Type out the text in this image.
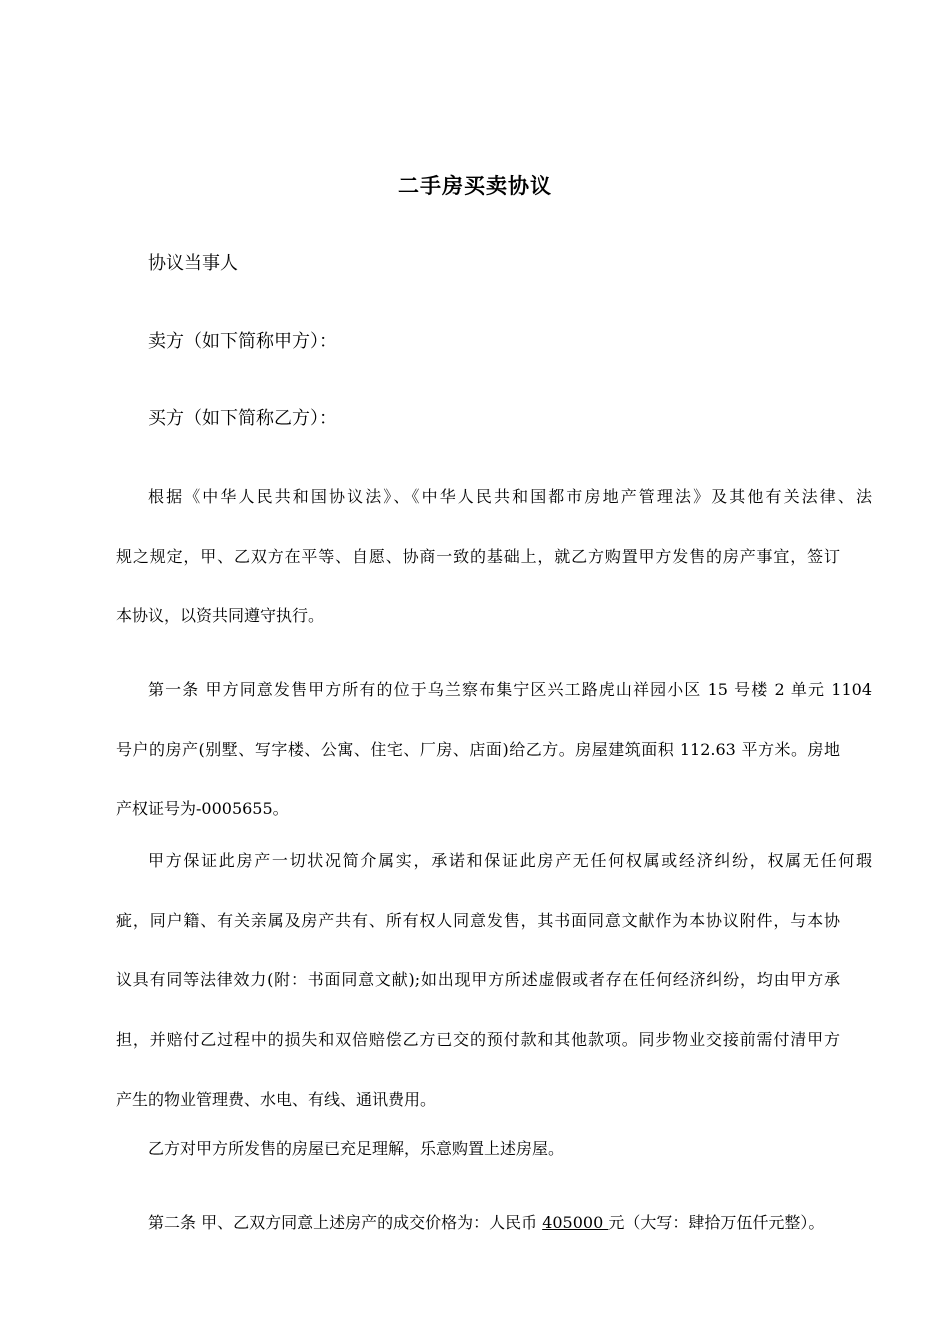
二手房买卖协议
协议当事人
卖方（如下简称甲方）：
买方（如下简称乙方）：
根据《中华人民共和国协议法》、《中华人民共和国都市房地产管理法》及其他有关法律、法
规之规定，甲、乙双方在平等、自愿、协商一致的基础上，就乙方购置甲方发售的房产事宜，签订
本协议，以资共同遵守执行。
第一条 甲方同意发售甲方所有的位于乌兰察布集宁区兴工路虎山祥园小区 15 号楼 2 单元 1104
号户的房产(别墅、写字楼、公寓、住宅、厂房、店面)给乙方。房屋建筑面积 112.63 平方米。房地
产权证号为-0005655。
甲方保证此房产一切状况简介属实，承诺和保证此房产无任何权属或经济纠纷，权属无任何瑕
疵，同户籍、有关亲属及房产共有、所有权人同意发售，其书面同意文献作为本协议附件，与本协
议具有同等法律效力(附：书面同意文献);如出现甲方所述虚假或者存在任何经济纠纷，均由甲方承
担，并赔付乙过程中的损失和双倍赔偿乙方已交的预付款和其他款项。同步物业交接前需付清甲方
产生的物业管理费、水电、有线、通讯费用。
乙方对甲方所发售的房屋已充足理解，乐意购置上述房屋。
第二条 甲、乙双方同意上述房产的成交价格为：人民币 405000 元（大写：肆拾万伍仟元整）。
